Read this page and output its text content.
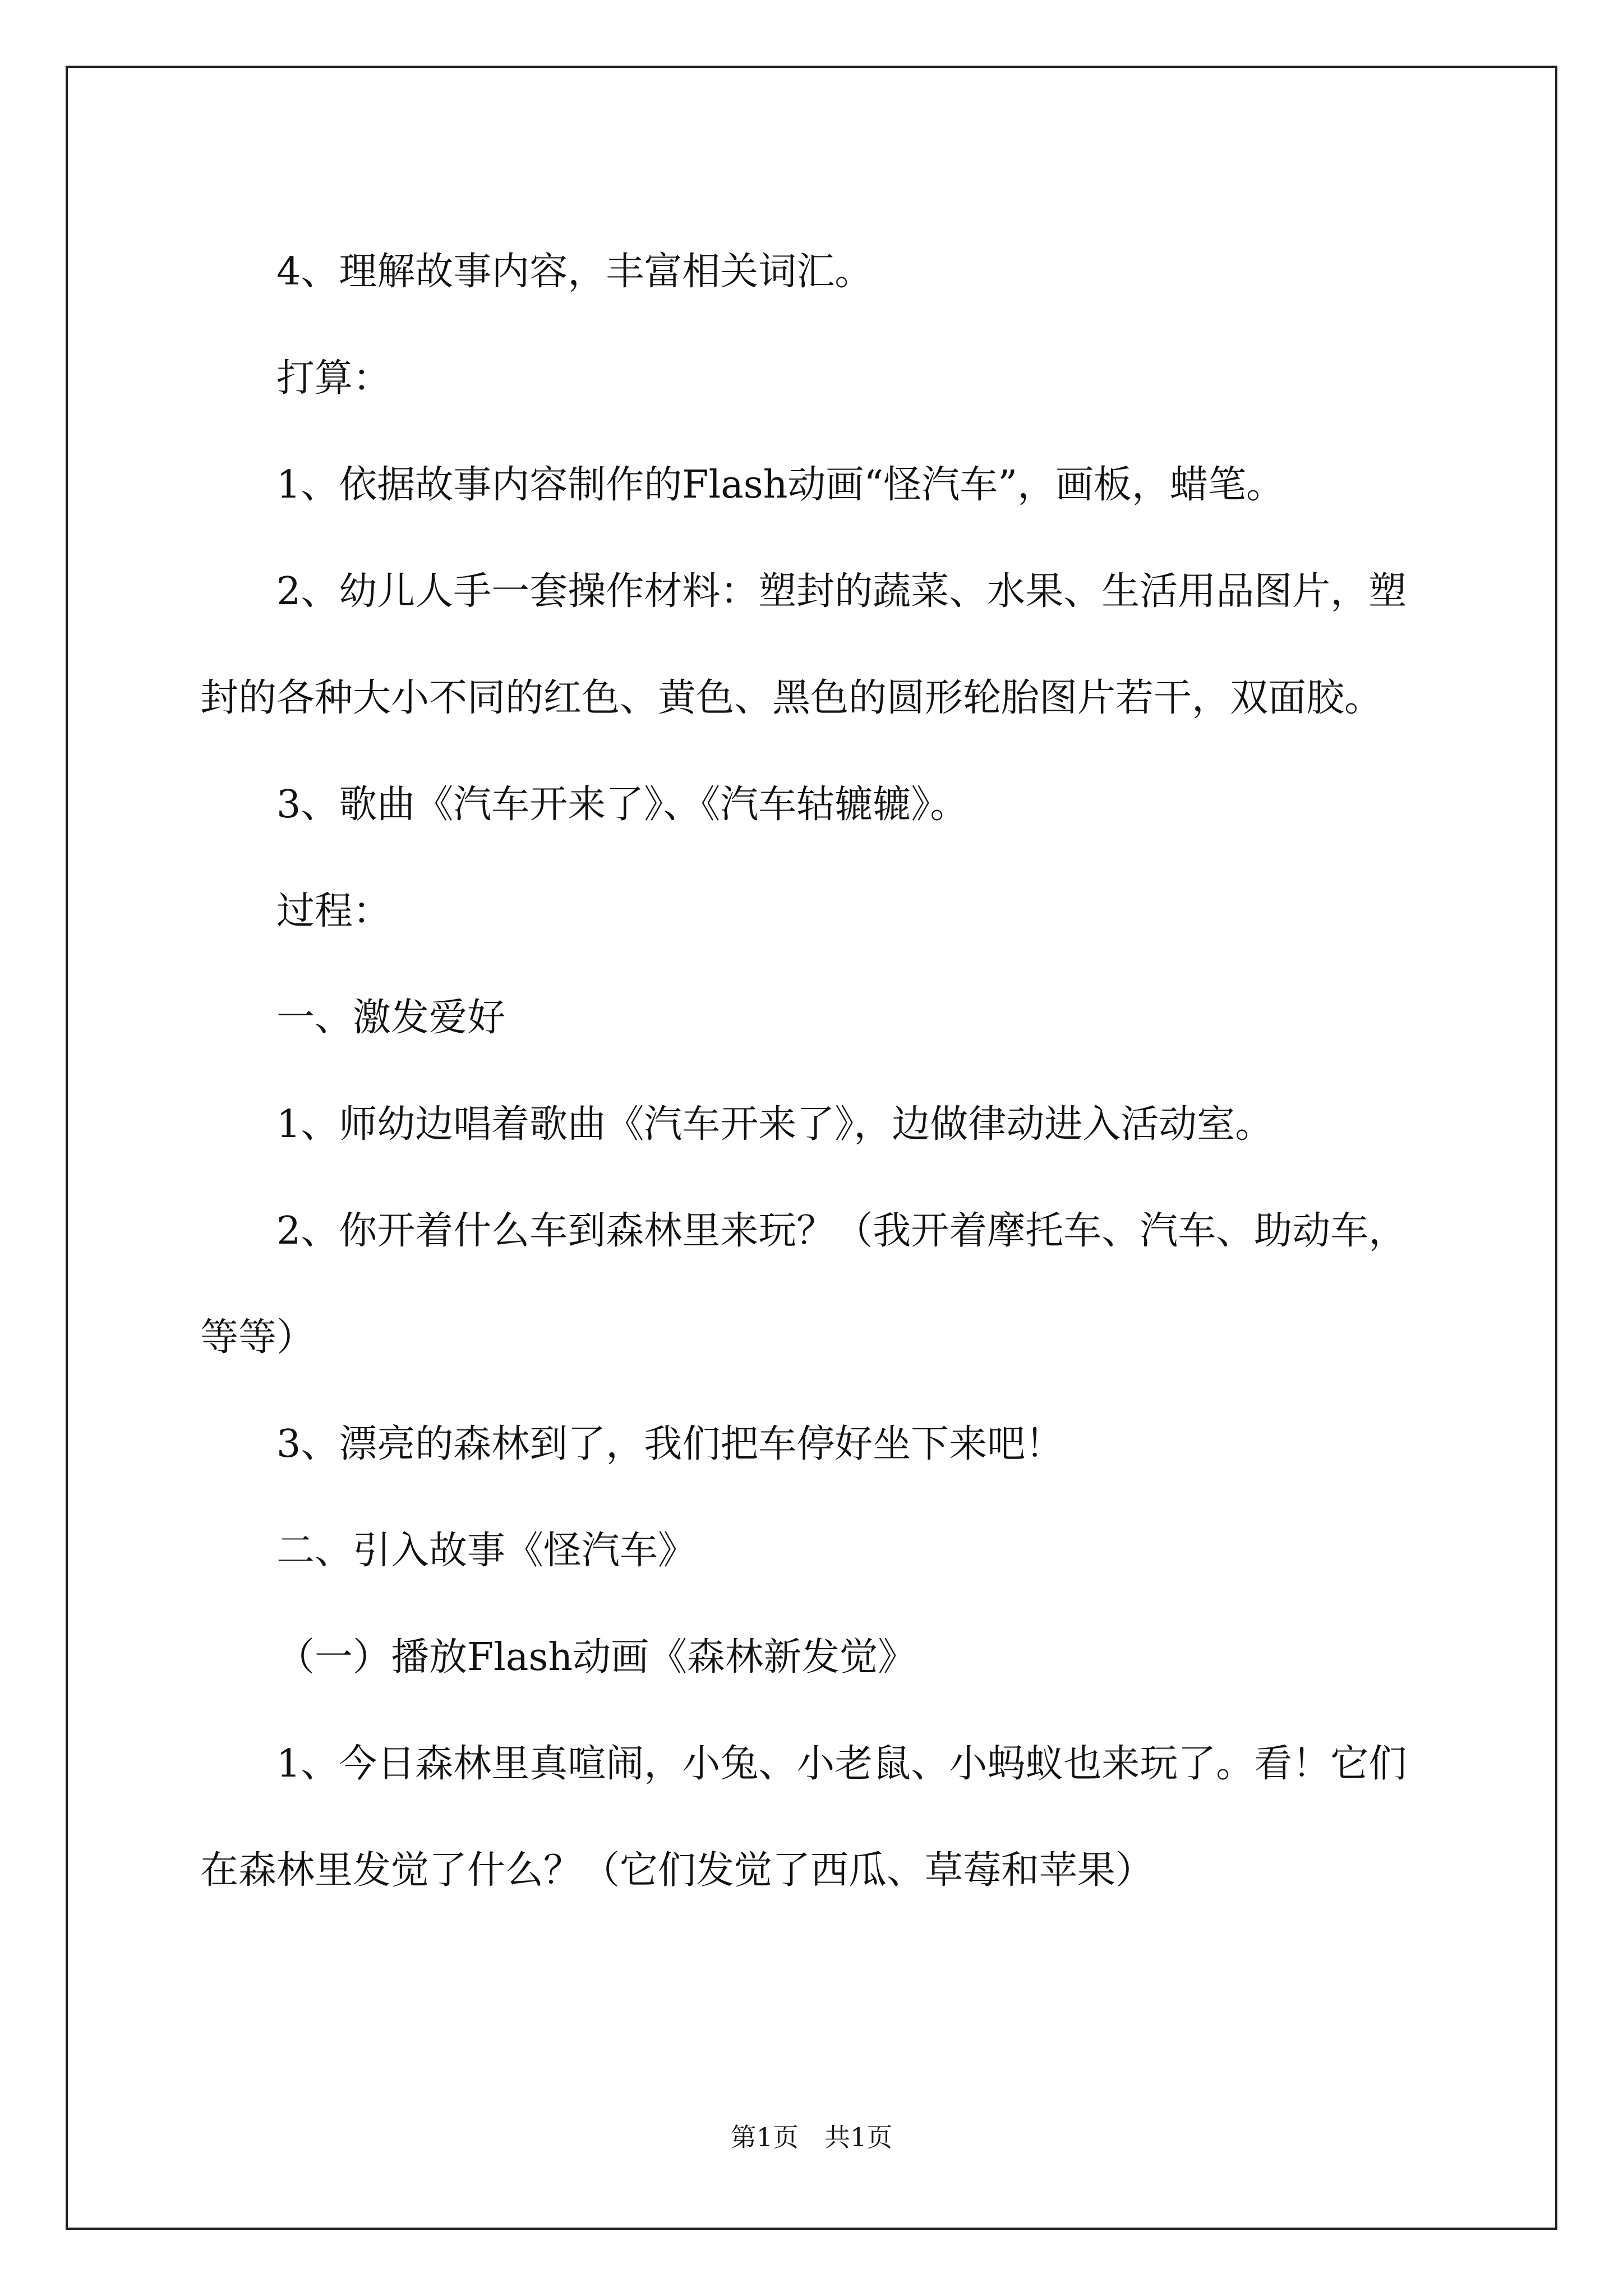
4、理解故事内容，丰富相关词汇。

打算：

1、依据故事内容制作的Flash动画“怪汽车”，画板，蜡笔。

2、幼儿人手一套操作材料：塑封的蔬菜、水果、生活用品图片，塑封的各种大小不同的红色、黄色、黑色的圆形轮胎图片若干，双面胶。

3、歌曲《汽车开来了》、《汽车轱辘辘》。

过程：

一、激发爱好

1、师幼边唱着歌曲《汽车开来了》，边做律动进入活动室。

2、你开着什么车到森林里来玩？（我开着摩托车、汽车、助动车，等等）

3、漂亮的森林到了，我们把车停好坐下来吧！

二、引入故事《怪汽车》

（一）播放Flash动画《森林新发觉》

1、今日森林里真喧闹，小兔、小老鼠、小蚂蚁也来玩了。看！它们在森林里发觉了什么？（它们发觉了西瓜、草莓和苹果）

第1页　共1页
